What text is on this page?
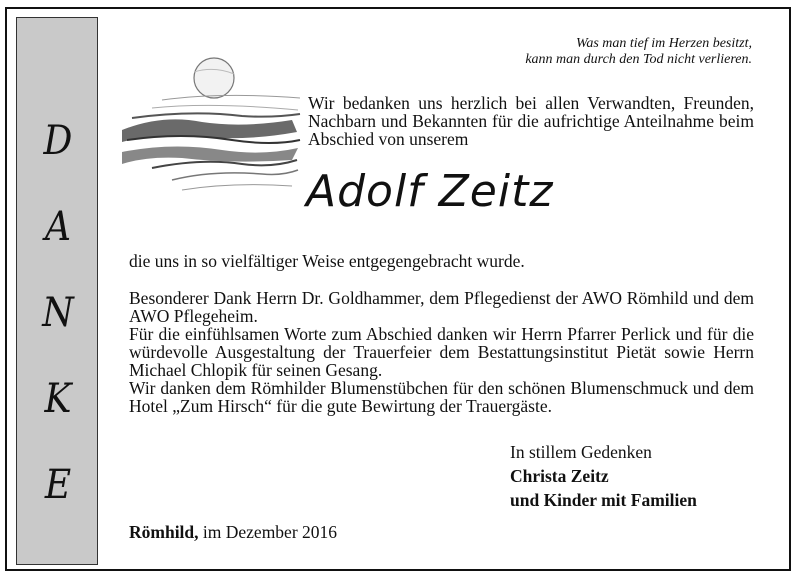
D
A
N
K
E
Was man tief im Herzen besitzt,
kann man durch den Tod nicht verlieren.
Wir bedanken uns herzlich bei allen Verwandten, Freunden, Nachbarn und Bekannten für die aufrichtige Anteilnahme beim Abschied von unserem
Adolf Zeitz
die uns in so vielfältiger Weise entgegengebracht wurde.

Besonderer Dank Herrn Dr. Goldhammer, dem Pflegedienst der AWO Römhild und dem AWO Pflegeheim.

Für die einfühlsamen Worte zum Abschied danken wir Herrn Pfarrer Perlick und für die würdevolle Ausgestaltung der Trauerfeier dem Bestattungsinstitut Pietät sowie Herrn Michael Chlopik für seinen Gesang.

Wir danken dem Römhilder Blumenstübchen für den schönen Blumenschmuck und dem Hotel „Zum Hirsch“ für die gute Bewirtung der Trauergäste.

In stillem Gedenken
Christa Zeitz
und Kinder mit Familien
Römhild, im Dezember 2016
